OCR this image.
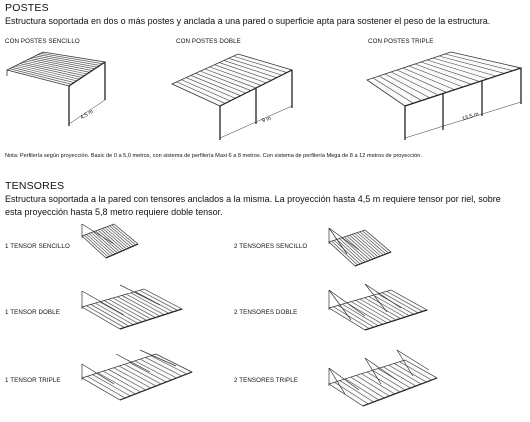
POSTES
Estructura soportada en dos o más postes y anclada a una pared o superficie apta para sostener el peso de la estructura.
CON POSTES SENCILLO	CON POSTES DOBLE	CON POSTES TRIPLE
4,5 m	9 m	13,5 m
Nota: Perfilería según proyección. Basic de 0 a 5,0 metros, con sistema de perfilería Maxi 6 a 8 metros. Con sistema de perfilería Mega de 8 a 12 metros de proyección.
TENSORES
Estructura soportada a la pared con tensores anclados a la misma. La proyección hasta 4,5 m requiere tensor por riel, sobre
esta proyección hasta 5,8 metro requiere doble tensor.
1 TENSOR SENCILLO	2 TENSORES SENCILLO
1 TENSOR DOBLE	2 TENSORES DOBLE
1 TENSOR TRIPLE	2 TENSORES TRIPLE
